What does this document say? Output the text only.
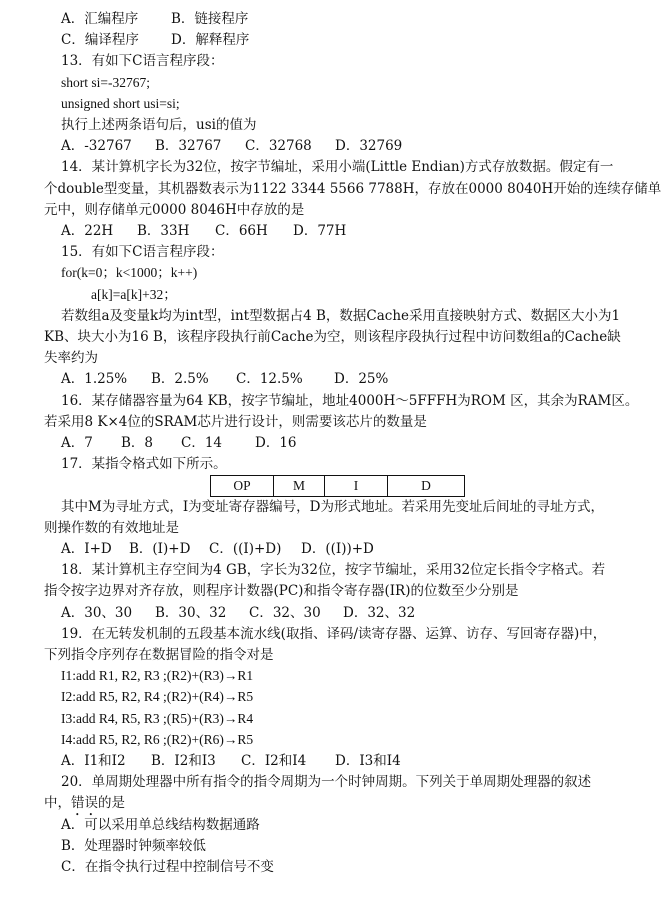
A．汇编程序 B．链接程序
C．编译程序 D．解释程序
13．有如下C语言程序段：
short si=-32767;
unsigned short usi=si;
执行上述两条语句后，usi的值为
A．-32767 B．32767 C．32768 D．32769
14．某计算机字长为32位，按字节编址，采用小端(Little Endian)方式存放数据。假定有一
个double型变量，其机器数表示为1122 3344 5566 7788H，存放在0000 8040H开始的连续存储单
元中，则存储单元0000 8046H中存放的是
A．22H B．33H C．66H D．77H
15．有如下C语言程序段：
for(k=0；k<1000；k++)
a[k]=a[k]+32；
若数组a及变量k均为int型，int型数据占4 B，数据Cache采用直接映射方式、数据区大小为1
KB、块大小为16 B，该程序段执行前Cache为空，则该程序段执行过程中访问数组a的Cache缺
失率约为
A．1.25% B．2.5% C．12.5% D．25%
16．某存储器容量为64 KB，按字节编址，地址4000H～5FFFH为ROM 区，其余为RAM区。
若采用8 K×4位的SRAM芯片进行设计，则需要该芯片的数量是
A．7 B．8 C．14 D．16
17．某指令格式如下所示。
OP	M	I	D
其中M为寻址方式，I为变址寄存器编号，D为形式地址。若采用先变址后间址的寻址方式，
则操作数的有效地址是
A．I+D B．(I)+D C．((I)+D) D．((I))+D
18．某计算机主存空间为4 GB，字长为32位，按字节编址，采用32位定长指令字格式。若
指令按字边界对齐存放，则程序计数器(PC)和指令寄存器(IR)的位数至少分别是
A．30、30 B．30、32 C．32、30 D．32、32
19．在无转发机制的五段基本流水线(取指、译码/读寄存器、运算、访存、写回寄存器)中，
下列指令序列存在数据冒险的指令对是
I1:add R1, R2, R3 ;(R2)+(R3)→R1
I2:add R5, R2, R4 ;(R2)+(R4)→R5
I3:add R4, R5, R3 ;(R5)+(R3)→R4
I4:add R5, R2, R6 ;(R2)+(R6)→R5
A．I1和I2 B．I2和I3 C．I2和I4 D．I3和I4
20．单周期处理器中所有指令的指令周期为一个时钟周期。下列关于单周期处理器的叙述
中，错误的是
A．可以采用单总线结构数据通路
B．处理器时钟频率较低
C．在指令执行过程中控制信号不变
